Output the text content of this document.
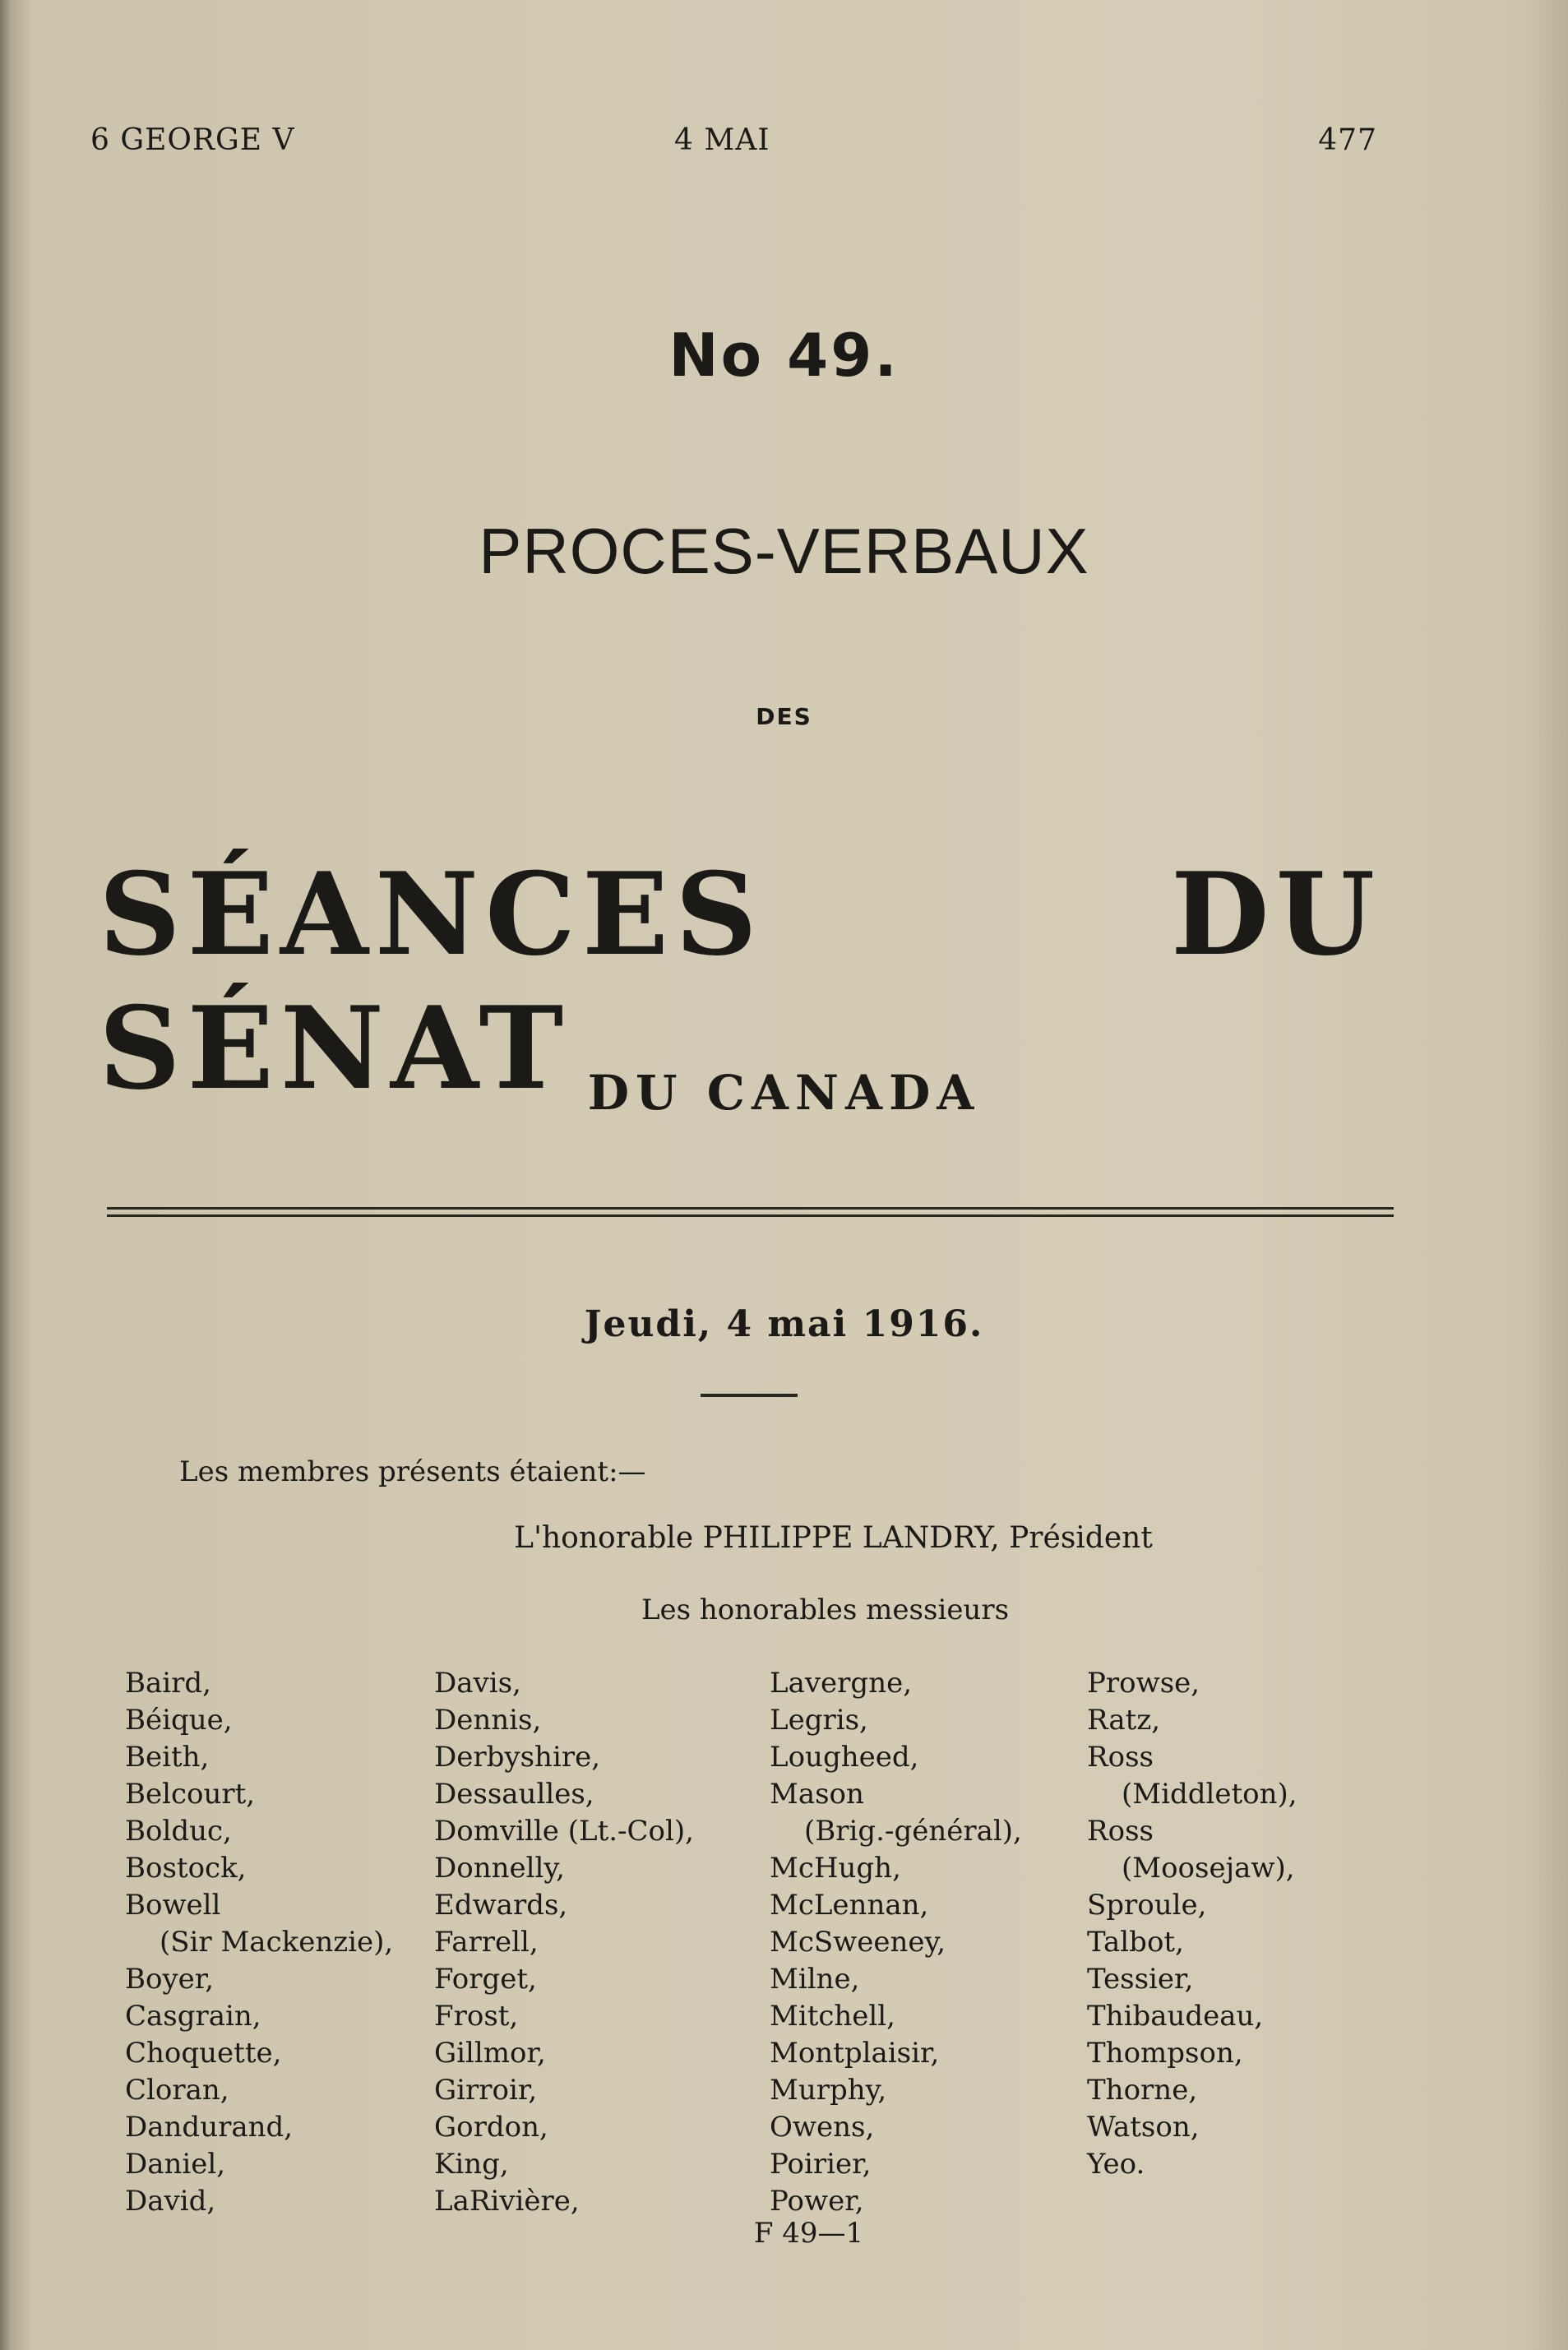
6 GEORGE V	4 MAI	477
No 49.
PROCES-VERBAUX
DES
SÉANCES DU SÉNAT DU CANADA
Jeudi, 4 mai 1916.
Les membres présents étaient:—
L'honorable PHILIPPE LANDRY, Président
Les honorables messieurs
Baird,
Béique,
Beith,
Belcourt,
Bolduc,
Bostock,
Bowell
(Sir Mackenzie),
Boyer,
Casgrain,
Choquette,
Cloran,
Dandurand,
Daniel,
David,
Davis,
Dennis,
Derbyshire,
Dessaulles,
Domville (Lt.-Col),
Donnelly,
Edwards,
Farrell,
Forget,
Frost,
Gillmor,
Girroir,
Gordon,
King,
LaRivière,
Lavergne,
Legris,
Lougheed,
Mason
(Brig.-général),
McHugh,
McLennan,
McSweeney,
Milne,
Mitchell,
Montplaisir,
Murphy,
Owens,
Poirier,
Power,
Prowse,
Ratz,
Ross
(Middleton),
Ross
(Moosejaw),
Sproule,
Talbot,
Tessier,
Thibaudeau,
Thompson,
Thorne,
Watson,
Yeo.
F 49—1
